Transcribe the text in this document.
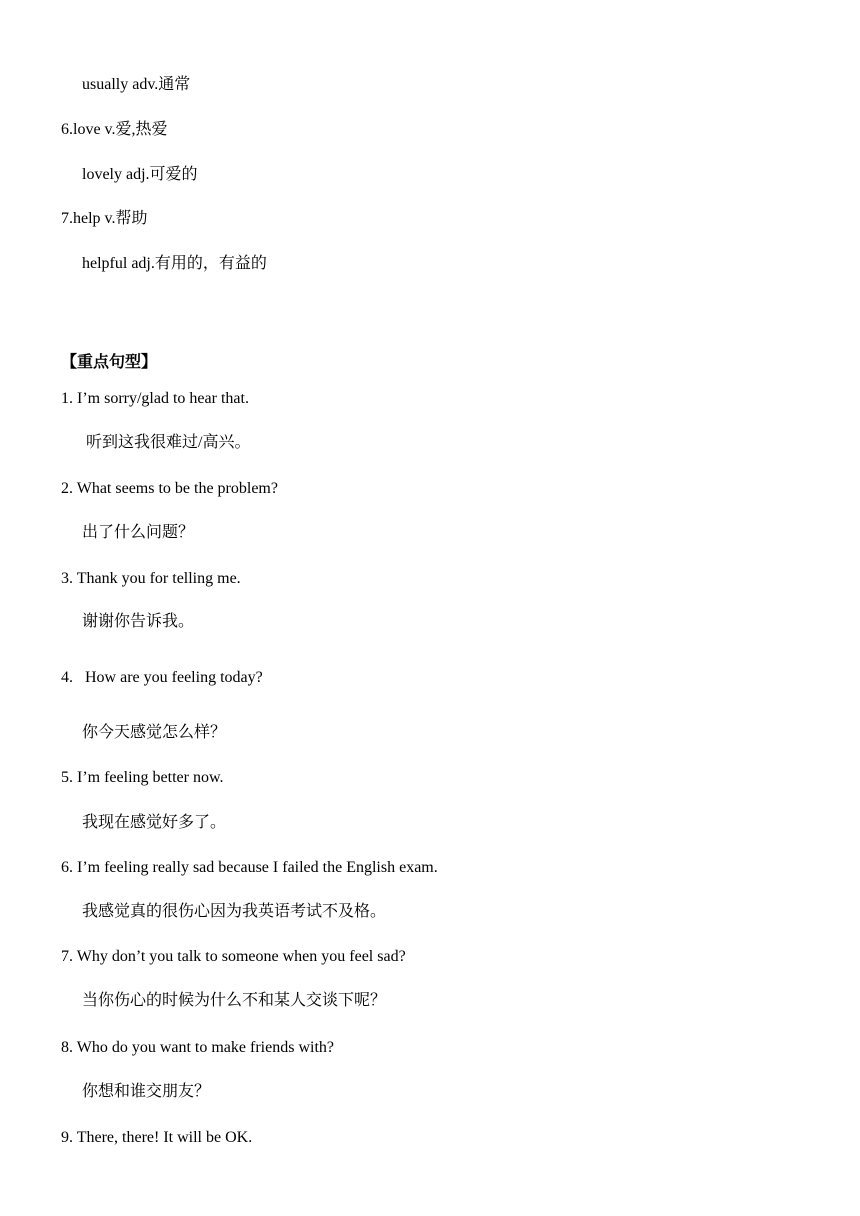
usually adv.通常
6.love v.爱,热爱
lovely adj.可爱的
7.help v.帮助
helpful adj.有用的，有益的
【重点句型】
1. I’m sorry/glad to hear that.
听到这我很难过/高兴。
2. What seems to be the problem?
出了什么问题？
3. Thank you for telling me.
谢谢你告诉我。
4.   How are you feeling today?
你今天感觉怎么样？
5. I’m feeling better now.
我现在感觉好多了。
6. I’m feeling really sad because I failed the English exam.
我感觉真的很伤心因为我英语考试不及格。
7. Why don’t you talk to someone when you feel sad?
当你伤心的时候为什么不和某人交谈下呢？
8. Who do you want to make friends with?
你想和谁交朋友？
9. There, there! It will be OK.
